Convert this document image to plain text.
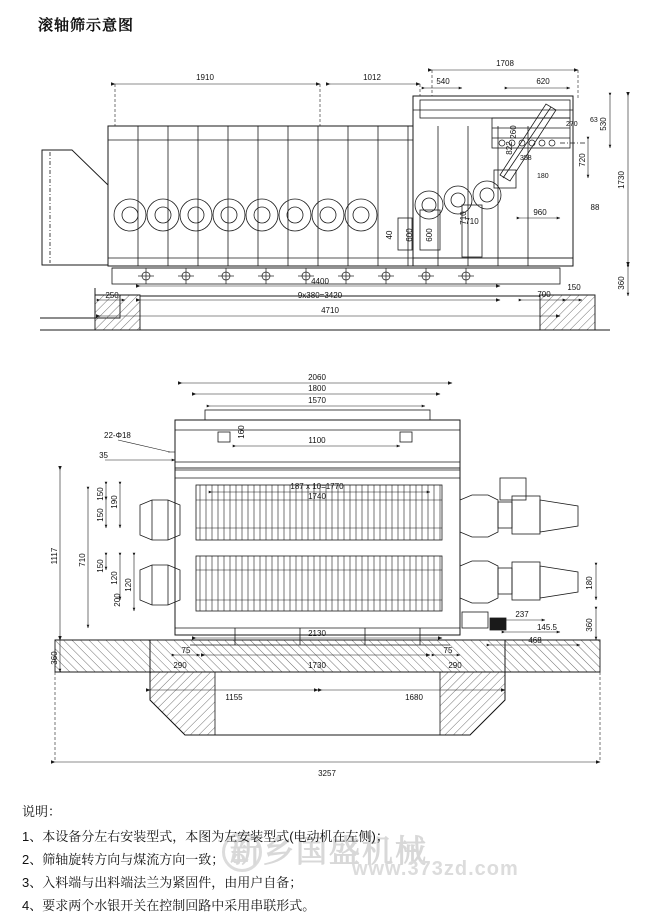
滚轴筛示意图
1910	1012	540
1708
620
710
960
88
4400
9x380=3420
4710
250	700
150
270
63
358
180
530
1730
360
720
822
260
40 600 600
710
2060
1800
1570
1100
187 x 10=1770
1740
22-Φ18
35
2130
75	75
290	1730	290
1155	1680
3257
237
145.5
468
1117 710
360
150
150
190
150
120
120
200
160
180
360
新乡国盛机械
www.373zd.com
说明：
1、本设备分左右安装型式，本图为左安装型式(电动机在左侧)；
2、筛轴旋转方向与煤流方向一致；
3、入料端与出料端法兰为紧固件，由用户自备；
4、要求两个水银开关在控制回路中采用串联形式。
